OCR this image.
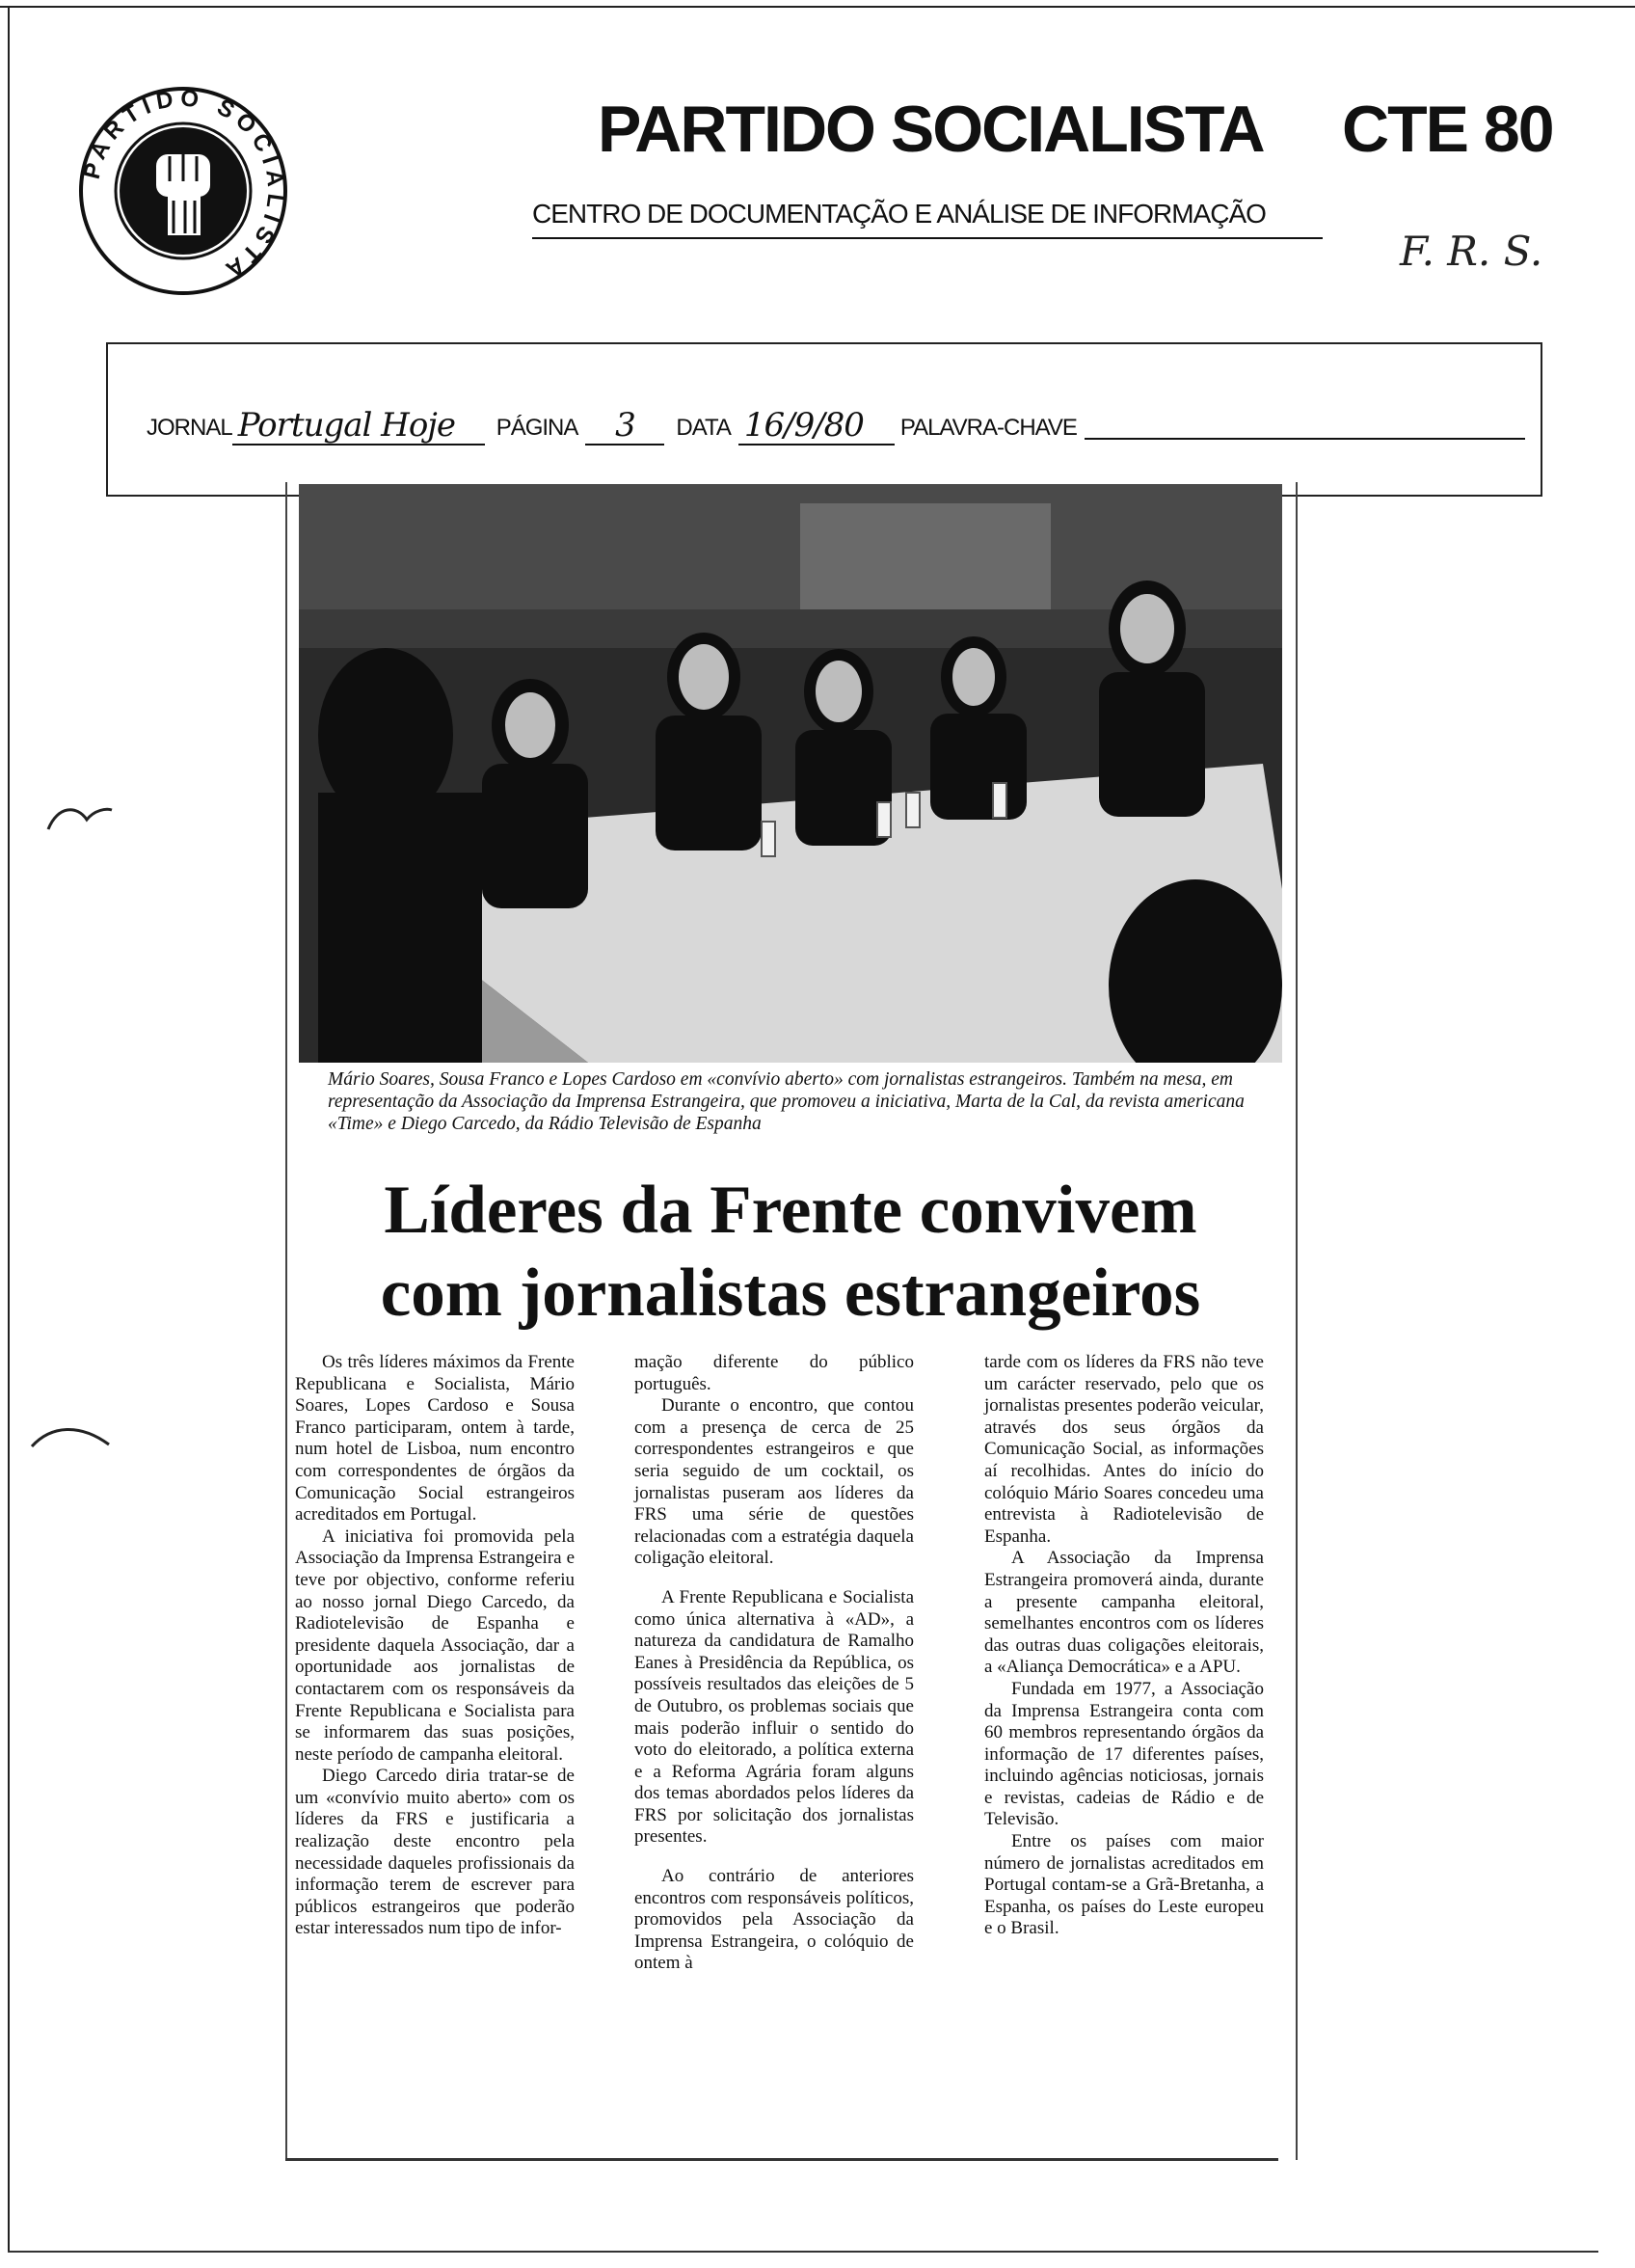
PARTIDO SOCIALISTA
PARTIDO SOCIALISTA CTE 80
CENTRO DE DOCUMENTAÇÃO E ANÁLISE DE INFORMAÇÃO
F. R. S.
JORNAL Portugal Hoje	PÁGINA	3	DATA 16/9/80	PALAVRA-CHAVE
Mário Soares, Sousa Franco e Lopes Cardoso em «convívio aberto» com jornalistas estrangeiros. Também na mesa, em representação da Associação da Imprensa Estrangeira, que promoveu a iniciativa, Marta de la Cal, da revista americana «Time» e Diego Carcedo, da Rádio Televisão de Espanha
Líderes da Frente convivem
com jornalistas estrangeiros

Os três líderes máximos da Frente Republicana e Socialista, Mário Soares, Lopes Cardoso e Sousa Franco participaram, ontem à tarde, num hotel de Lisboa, num encontro com correspondentes de órgãos da Comunicação Social estrangeiros acreditados em Portugal.

A iniciativa foi promovida pela Associação da Imprensa Estrangeira e teve por objectivo, conforme referiu ao nosso jornal Diego Carcedo, da Radiotelevisão de Espanha e presidente daquela Associação, dar a oportunidade aos jornalistas de contactarem com os responsáveis da Frente Republicana e Socialista para se informarem das suas posições, neste período de campanha eleitoral.

Diego Carcedo diria tratar-se de um «convívio muito aberto» com os líderes da FRS e justificaria a realização deste encontro pela necessidade daqueles profissionais da informação terem de escrever para públicos estrangeiros que poderão estar interessados num tipo de infor-

mação diferente do público português.

Durante o encontro, que contou com a presença de cerca de 25 correspondentes estrangeiros e que seria seguido de um cocktail, os jornalistas puseram aos líderes da FRS uma série de questões relacionadas com a estratégia daquela coligação eleitoral.

A Frente Republicana e Socialista como única alternativa à «AD», a natureza da candidatura de Ramalho Eanes à Presidência da República, os possíveis resultados das eleições de 5 de Outubro, os problemas sociais que mais poderão influir o sentido do voto do eleitorado, a política externa e a Reforma Agrária foram alguns dos temas abordados pelos líderes da FRS por solicitação dos jornalistas presentes.

Ao contrário de anteriores encontros com responsáveis políticos, promovidos pela Associação da Imprensa Estrangeira, o colóquio de ontem à

tarde com os líderes da FRS não teve um carácter reservado, pelo que os jornalistas presentes poderão veicular, através dos seus órgãos da Comunicação Social, as informações aí recolhidas. Antes do início do colóquio Mário Soares concedeu uma entrevista à Radiotelevisão de Espanha.

A Associação da Imprensa Estrangeira promoverá ainda, durante a presente campanha eleitoral, semelhantes encontros com os líderes das outras duas coligações eleitorais, a «Aliança Democrática» e a APU.

Fundada em 1977, a Associação da Imprensa Estrangeira conta com 60 membros representando órgãos da informação de 17 diferentes países, incluindo agências noticiosas, jornais e revistas, cadeias de Rádio e de Televisão.

Entre os países com maior número de jornalistas acreditados em Portugal contam-se a Grã-Bretanha, a Espanha, os países do Leste europeu e o Brasil.
